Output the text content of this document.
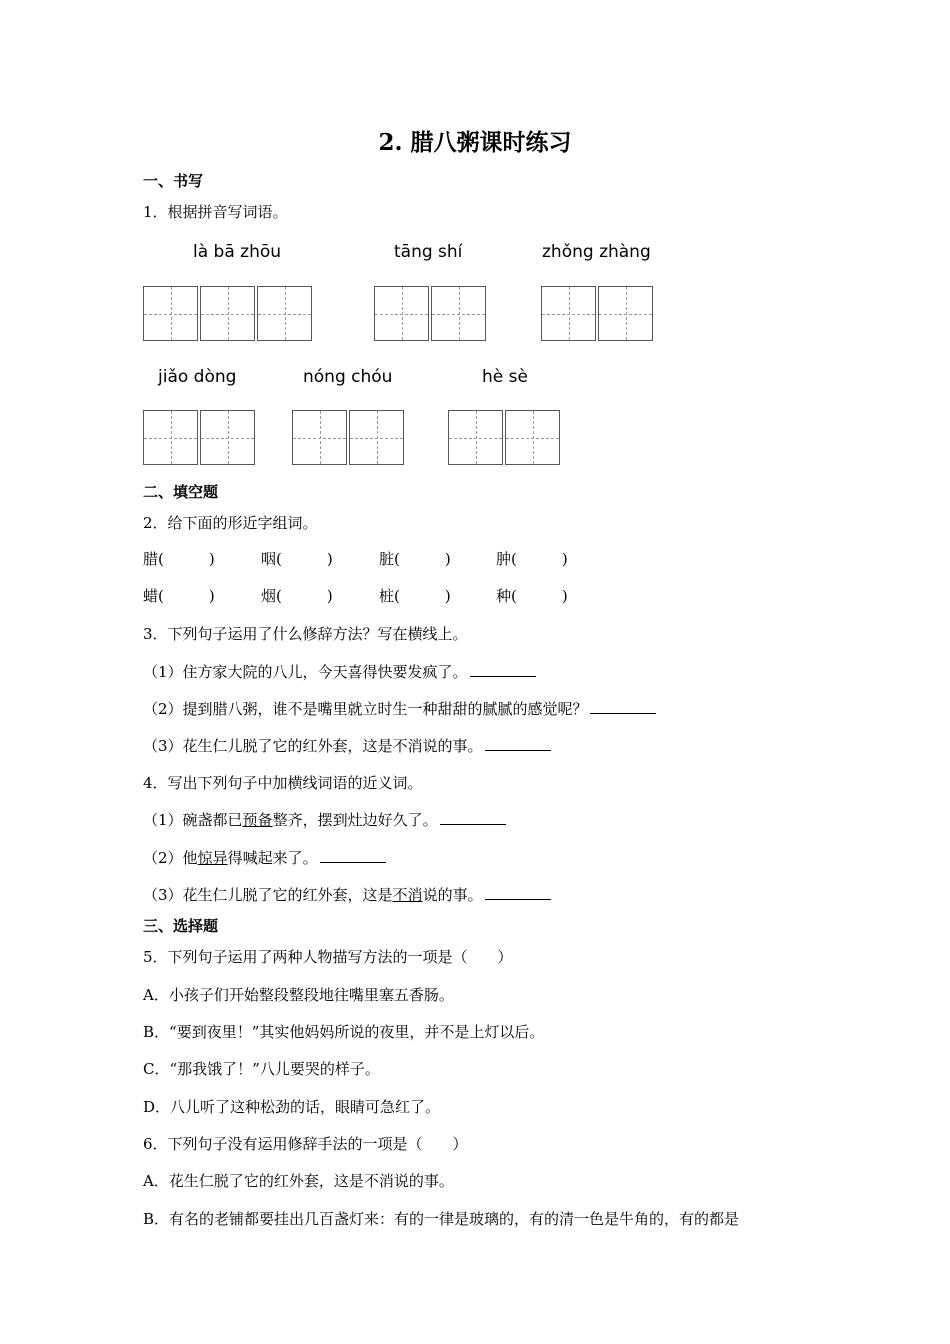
2. 腊八粥课时练习
一、书写
1．根据拼音写词语。
là bā zhōu	tāng shí	zhǒng zhàng
jiǎo dòng	nóng chóu	hè sè
二、填空题
2．给下面的形近字组词。
腊(　　　)	咽(　　　)	脏(　　　)	肿(　　　)
蜡(　　　)	烟(　　　)	桩(　　　)	种(　　　)
3．下列句子运用了什么修辞方法？写在横线上。
（1）住方家大院的八儿，今天喜得快要发疯了。
（2）提到腊八粥，谁不是嘴里就立时生一种甜甜的腻腻的感觉呢？
（3）花生仁儿脱了它的红外套，这是不消说的事。
4．写出下列句子中加横线词语的近义词。
（1）碗盏都已预备整齐，摆到灶边好久了。
（2）他惊异得喊起来了。
（3）花生仁儿脱了它的红外套，这是不消说的事。
三、选择题
5．下列句子运用了两种人物描写方法的一项是（　　）
A．小孩子们开始整段整段地往嘴里塞五香肠。
B．“要到夜里！”其实他妈妈所说的夜里，并不是上灯以后。
C．“那我饿了！”八儿要哭的样子。
D．八儿听了这种松劲的话，眼睛可急红了。
6．下列句子没有运用修辞手法的一项是（　　）
A．花生仁脱了它的红外套，这是不消说的事。
B．有名的老铺都要挂出几百盏灯来：有的一律是玻璃的，有的清一色是牛角的，有的都是
